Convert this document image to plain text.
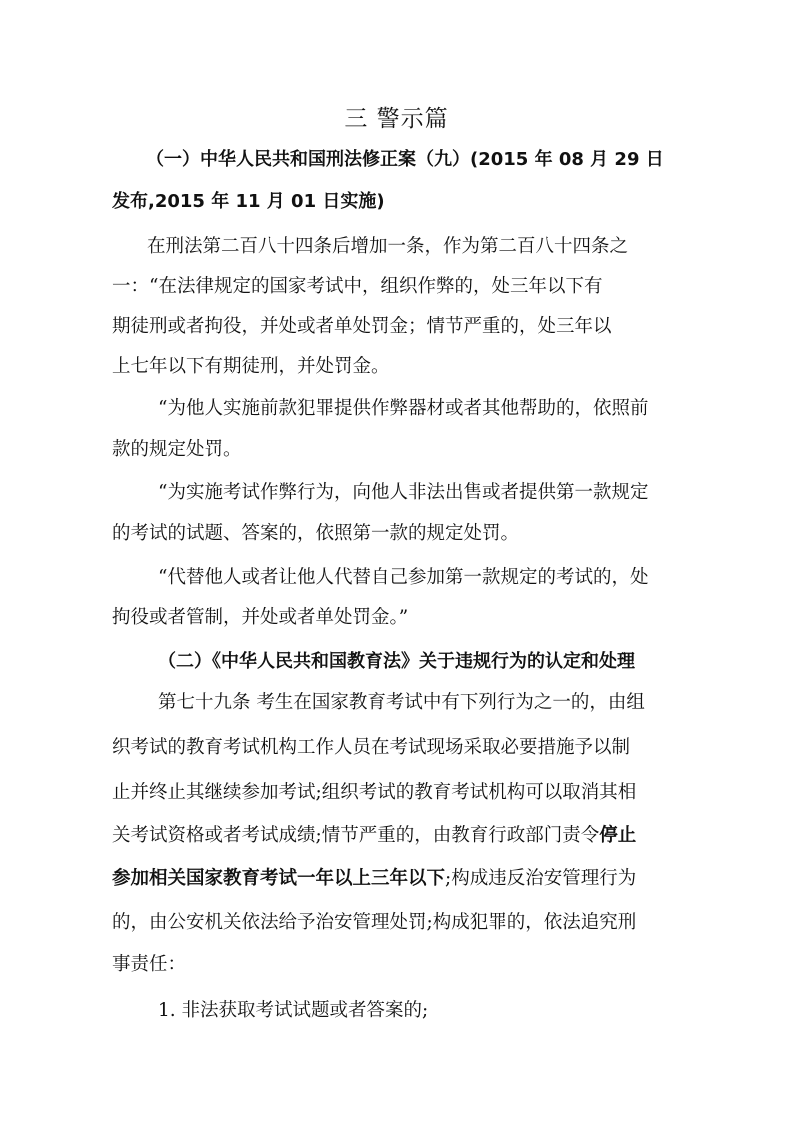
三 警示篇
（一）中华人民共和国刑法修正案（九）(2015 年 08 月 29 日
发布,2015 年 11 月 01 日实施)
在刑法第二百八十四条后增加一条，作为第二百八十四条之
一：“在法律规定的国家考试中，组织作弊的，处三年以下有
期徒刑或者拘役，并处或者单处罚金；情节严重的，处三年以
上七年以下有期徒刑，并处罚金。
“为他人实施前款犯罪提供作弊器材或者其他帮助的，依照前
款的规定处罚。
“为实施考试作弊行为，向他人非法出售或者提供第一款规定
的考试的试题、答案的，依照第一款的规定处罚。
“代替他人或者让他人代替自己参加第一款规定的考试的，处
拘役或者管制，并处或者单处罚金。”
（二）《中华人民共和国教育法》关于违规行为的认定和处理
第七十九条 考生在国家教育考试中有下列行为之一的，由组
织考试的教育考试机构工作人员在考试现场采取必要措施予以制
止并终止其继续参加考试;组织考试的教育考试机构可以取消其相
关考试资格或者考试成绩;情节严重的，由教育行政部门责令停止
参加相关国家教育考试一年以上三年以下;构成违反治安管理行为
的，由公安机关依法给予治安管理处罚;构成犯罪的，依法追究刑
事责任：
1. 非法获取考试试题或者答案的;
